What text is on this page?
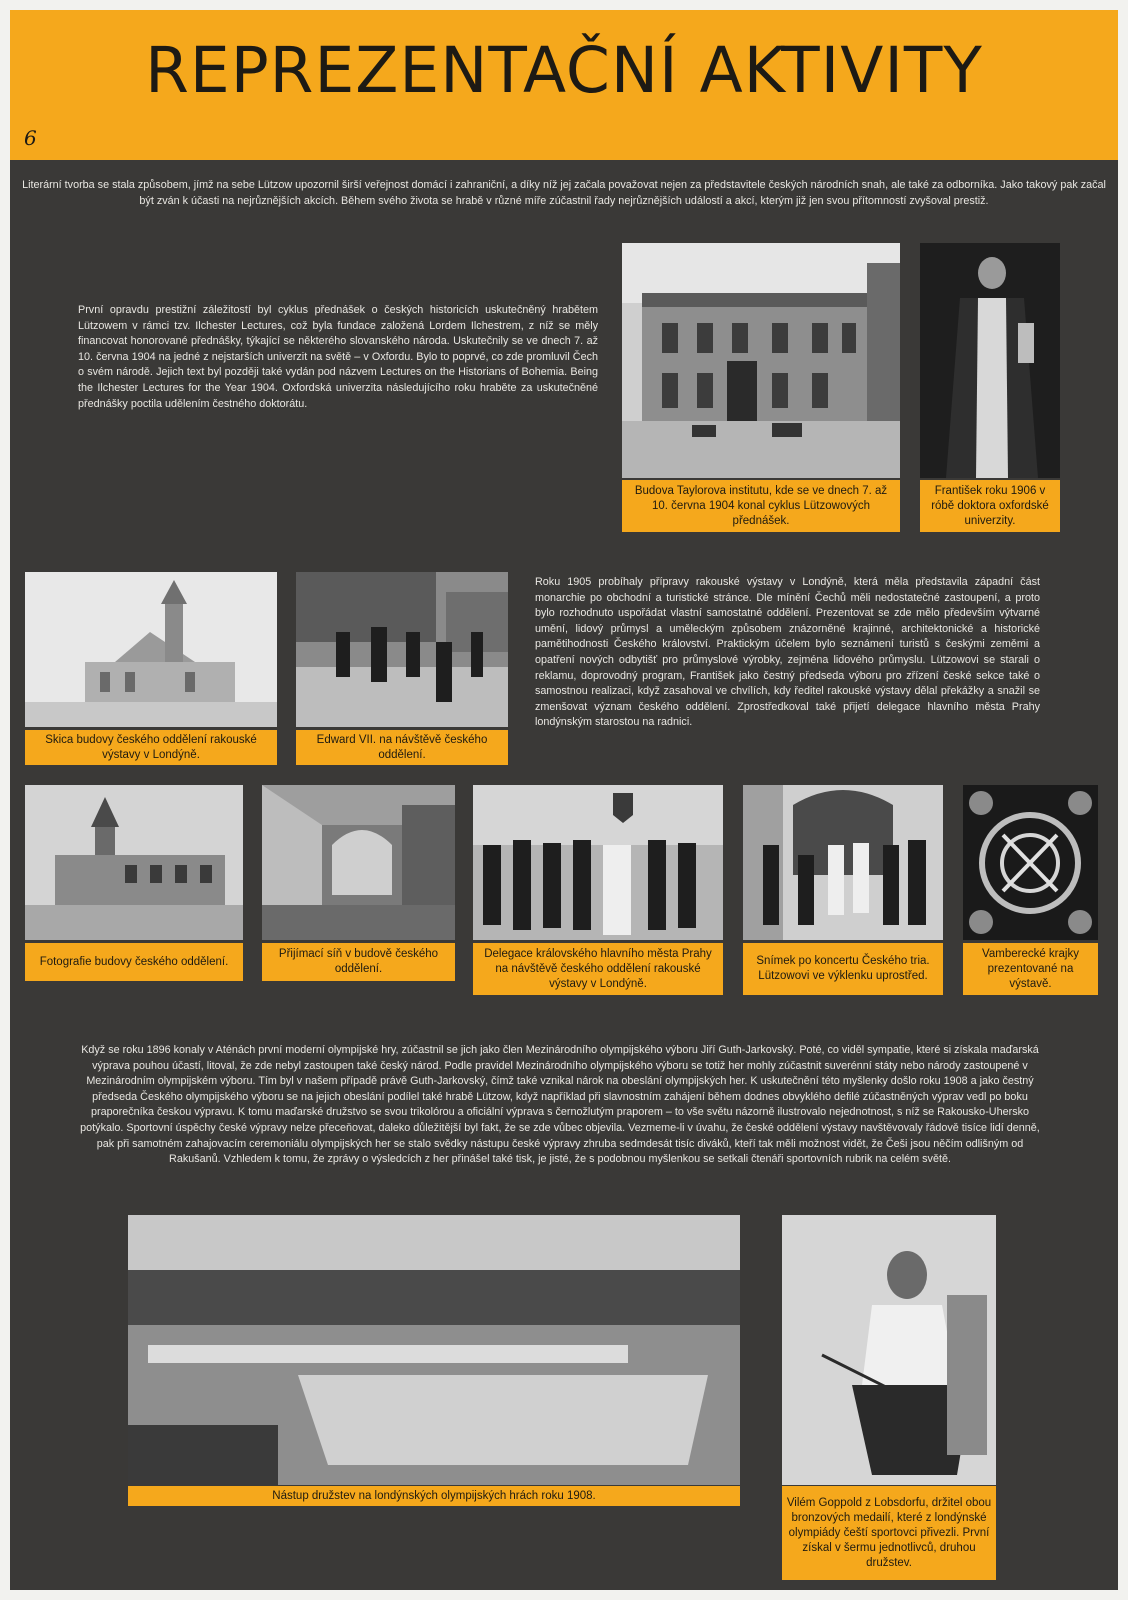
REPREZENTAČNÍ AKTIVITY
6

Literární tvorba se stala způsobem, jímž na sebe Lützow upozornil širší veřejnost domácí i zahraniční, a díky níž jej začala považovat nejen za představitele českých národních snah, ale také za odborníka. Jako takový pak začal být zván k účasti na nejrůznějších akcích. Během svého života se hrabě v různé míře zúčastnil řady nejrůznějších událostí a akcí, kterým již jen svou přítomností zvyšoval prestiž.

První opravdu prestižní záležitostí byl cyklus přednášek o českých historicích uskutečněný hrabětem Lützowem v rámci tzv. Ilchester Lectures, což byla fundace založená Lordem Ilchestrem, z níž se měly financovat honorované přednášky, týkající se některého slovanského národa. Uskutečnily se ve dnech 7. až 10. června 1904 na jedné z nejstarších univerzit na světě – v Oxfordu. Bylo to poprvé, co zde promluvil Čech o svém národě. Jejich text byl později také vydán pod názvem Lectures on the Historians of Bohemia. Being the Ilchester Lectures for the Year 1904. Oxfordská univerzita následujícího roku hraběte za uskutečněné přednášky poctila udělením čestného doktorátu.

Budova Taylorova institutu, kde se ve dnech 7. až 10. června 1904 konal cyklus Lützowových přednášek.
František roku 1906 v róbě doktora oxfordské univerzity.
Skica budovy českého oddělení rakouské výstavy v Londýně.
Edward VII. na návštěvě českého oddělení.

Roku 1905 probíhaly přípravy rakouské výstavy v Londýně, která měla představila západní část monarchie po obchodní a turistické stránce. Dle mínění Čechů měli nedostatečné zastoupení, a proto bylo rozhodnuto uspořádat vlastní samostatné oddělení. Prezentovat se zde mělo především výtvarné umění, lidový průmysl a uměleckým způsobem znázorněné krajinné, architektonické a historické pamětihodnosti Českého království. Praktickým účelem bylo seznámení turistů s českými zeměmi a opatření nových odbytišť pro průmyslové výrobky, zejména lidového průmyslu. Lützowovi se starali o reklamu, doprovodný program, František jako čestný předseda výboru pro zřízení české sekce také o samostnou realizaci, když zasahoval ve chvílích, kdy ředitel rakouské výstavy dělal překážky a snažil se zmenšovat význam českého oddělení. Zprostředkoval také přijetí delegace hlavního města Prahy londýnským starostou na radnici.

Fotografie budovy českého oddělení.
Přijímací síň v budově českého oddělení.
Delegace královského hlavního města Prahy na návštěvě českého oddělení rakouské výstavy v Londýně.
Snímek po koncertu Českého tria. Lützowovi ve výklenku uprostřed.
Vamberecké krajky prezentované na výstavě.

Když se roku 1896 konaly v Aténách první moderní olympijské hry, zúčastnil se jich jako člen Mezinárodního olympijského výboru Jiří Guth-Jarkovský. Poté, co viděl sympatie, které si získala maďarská výprava pouhou účastí, litoval, že zde nebyl zastoupen také český národ. Podle pravidel Mezinárodního olympijského výboru se totiž her mohly zúčastnit suverénní státy nebo národy zastoupené v Mezinárodním olympijském výboru. Tím byl v našem případě právě Guth-Jarkovský, čímž také vznikal nárok na obeslání olympijských her. K uskutečnění této myšlenky došlo roku 1908 a jako čestný předseda Českého olympijského výboru se na jejich obeslání podílel také hrabě Lützow, když například při slavnostním zahájení během dodnes obvyklého defilé zúčastněných výprav vedl po boku praporečníka českou výpravu. K tomu maďarské družstvo se svou trikolórou a oficiální výprava s černožlutým praporem – to vše světu názorně ilustrovalo nejednotnost, s níž se Rakousko-Uhersko potýkalo. Sportovní úspěchy české výpravy nelze přeceňovat, daleko důležitější byl fakt, že se zde vůbec objevila. Vezmeme-li v úvahu, že české oddělení výstavy navštěvovaly řádově tisíce lidí denně, pak při samotném zahajovacím ceremoniálu olympijských her se stalo svědky nástupu české výpravy zhruba sedmdesát tisíc diváků, kteří tak měli možnost vidět, že Češi jsou něčím odlišným od Rakušanů. Vzhledem k tomu, že zprávy o výsledcích z her přinášel také tisk, je jisté, že s podobnou myšlenkou se setkali čtenáři sportovních rubrik na celém světě.

Nástup družstev na londýnských olympijských hrách roku 1908.
Vilém Goppold z Lobsdorfu, držitel obou bronzových medailí, které z londýnské olympiády čeští sportovci přivezli. První získal v šermu jednotlivců, druhou družstev.
